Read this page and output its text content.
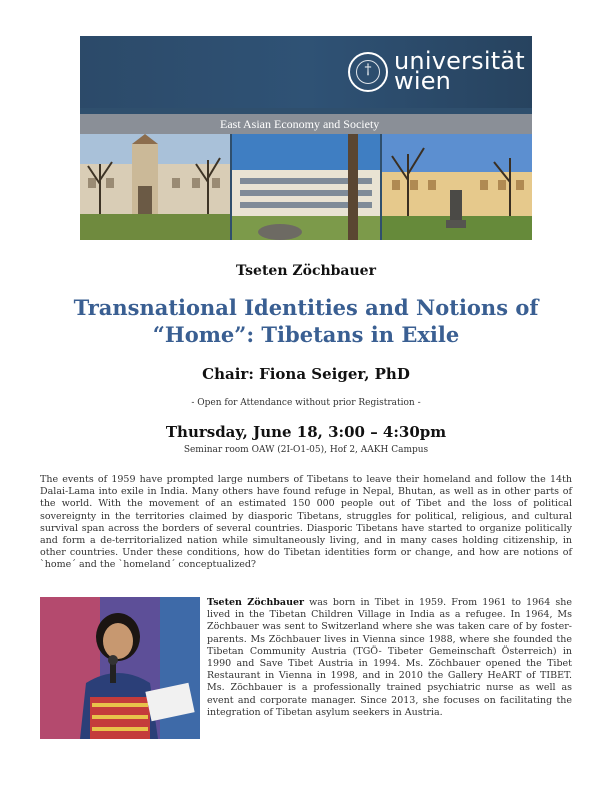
†
universität
wien
East Asian Economy and Society
Tseten Zöchbauer
Transnational Identities and Notions of
“Home”: Tibetans in Exile
Chair: Fiona Seiger, PhD
- Open for Attendance without prior Registration -
Thursday, June 18, 3:00 – 4:30pm
Seminar room OAW (2I-O1-05), Hof 2, AAKH Campus

The events of 1959 have prompted large numbers of Tibetans to leave their homeland and follow the 14th Dalai-Lama into exile in India. Many others have found refuge in Nepal, Bhutan, as well as in other parts of the world. With the movement of an estimated 150 000 people out of Tibet and the loss of political sovereignty in the territories claimed by diasporic Tibetans, struggles for political, religious, and cultural survival span across the borders of several countries. Diasporic Tibetans have started to organize politically and form a de-territorialized nation while simultaneously living, and in many cases holding citizenship, in other countries. Under these conditions, how do Tibetan identities form or change, and how are notions of `home´ and the `homeland´ conceptualized?

Tseten Zöchbauer was born in Tibet in 1959. From 1961 to 1964 she lived in the Tibetan Children Village in India as a refugee. In 1964, Ms Zöchbauer was sent to Switzerland where she was taken care of by foster-parents. Ms Zöchbauer lives in Vienna since 1988, where she founded the Tibetan Community Austria (TGÖ- Tibeter Gemeinschaft Österreich) in 1990 and Save Tibet Austria in 1994. Ms. Zöchbauer opened the Tibet Restaurant in Vienna in 1998, and in 2010 the Gallery HeART of TIBET. Ms. Zöchbauer is a professionally trained psychiatric nurse as well as event and corporate manager. Since 2013, she focuses on facilitating the integration of Tibetan asylum seekers in Austria.
